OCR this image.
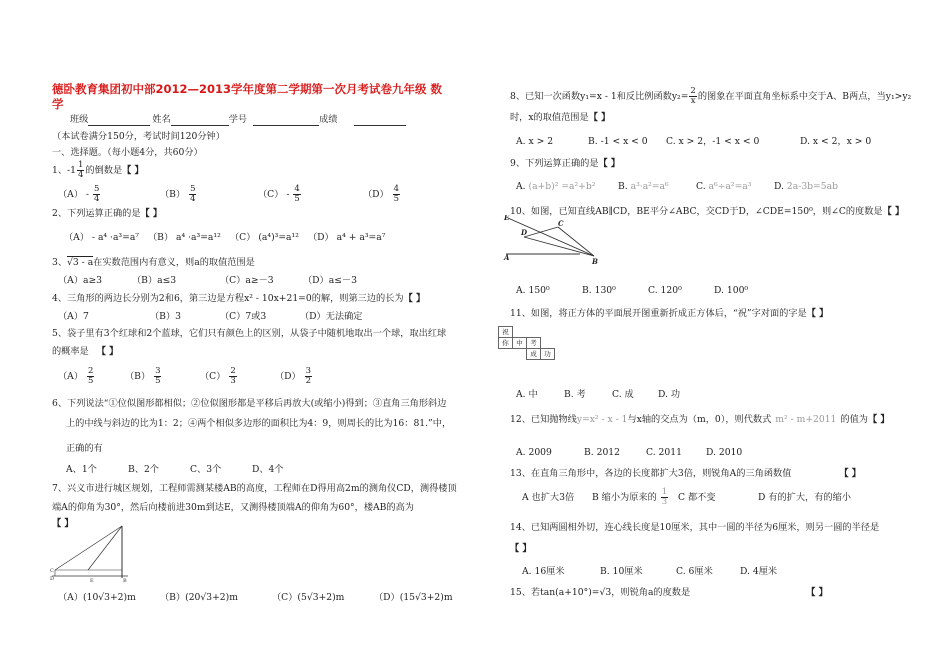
德卧教育集团初中部2012—2013学年度第二学期第一次月考试卷九年级 数
学
班级	姓名	学号	成绩
（本试卷满分150分，考试时间120分钟）
一、选择题。（每小题4分，共60分）
1、$-1 \frac{1}{4}$ 的倒数是【 】
$(A) - \frac{5}{4}$	$(B) \frac{5}{4}$	$(C) - \frac{4}{5}$	$(D) \frac{4}{5}$
2、下列运算正确的是【 】
（A） - a⁴ ·a³=a⁷ （B） a⁴ ·a³=a¹² （C） (a⁴)³=a¹² （D） a⁴ + a³=a⁷
3、√3 - a在实数范围内有意义，则a的取值范围是
（A）a≥3	（B）a≤3	（C）a≥－3	（D）a≤－3
4、三角形的两边长分别为2和6，第三边是方程x² - 10x+21=0的解，则第三边的长为【 】
（A）7	（B）3	（C）7或3	（D）无法确定
5、袋子里有3个红球和2个蓝球，它们只有颜色上的区别，从袋子中随机地取出一个球，取出红球
的概率是 【 】
$(A) \frac{2}{5}$	$(B) \frac{3}{5}$	$(C) \frac{2}{3}$	$(D) \frac{3}{2}$
6、下列说法“①位似图形都相似；②位似图形都是平移后再放大(或缩小)得到；③直角三角形斜边
上的中线与斜边的比为1：2；④两个相似多边形的面积比为4：9，则周长的比为16：81.”中，
正确的有
A、1个	B、2个	C、3个	D、4个
7、兴义市进行城区规划，工程师需测某楼AB的高度，工程师在D得用高2m的测角仪CD，测得楼顶
端A的仰角为30°，然后向楼前进30m到达E，又测得楼顶端A的仰角为60°，楼AB的高为
【 】
C
D	E	B
（A）(10√3+2)m	（B）(20√3+2)m	（C）(5√3+2)m	（D）(15√3+2)m
8、已知一次函数y₁=x - 1和反比例函数$y_2= \frac{2}{x}$ 的图象在平面直角坐标系中交于A、B两点，当y₁>y₂
时，x的取值范围是【 】
A. x > 2	B. -1 < x < 0 C. x > 2，-1 < x < 0	D. x < 2，x > 0
9、下列运算正确的是【 】
A. (a+b)² =a²+b² B. a³·a²=a⁶	C. a⁶÷a²=a³ D. 2a-3b=5ab
10、如图，已知直线AB∥CD，BE平分∠ABC，交CD于D，∠CDE=150⁰，则∠C的度数是【 】
E
C
D
A	B
A. 150⁰	B. 130⁰	C. 120⁰	D. 100⁰
11、如图，将正方体的平面展开图重新折成正方体后，“祝”字对面的字是【 】
祝			
你	中	考	
		成	功
A. 中	B. 考	C. 成	D. 功
12、已知抛物线y=x² - x - 1与x轴的交点为（m，0），则代数式 m² - m+2011 的值为【 】
A. 2009	B. 2012	C. 2011	D. 2010
13、在直角三角形中，各边的长度都扩大3倍，则锐角A的三角函数值	【 】
A 也扩大3倍 B 缩小为原来的 $\frac{1}{3}$ C 都不变	D 有的扩大，有的缩小
14、已知两圆相外切，连心线长度是10厘米，其中一圆的半径为6厘米，则另一圆的半径是
【 】
A. 16厘米	B. 10厘米	C. 6厘米	D. 4厘米
15、若tan(a+10°)=√3，则锐角a的度数是	【 】
